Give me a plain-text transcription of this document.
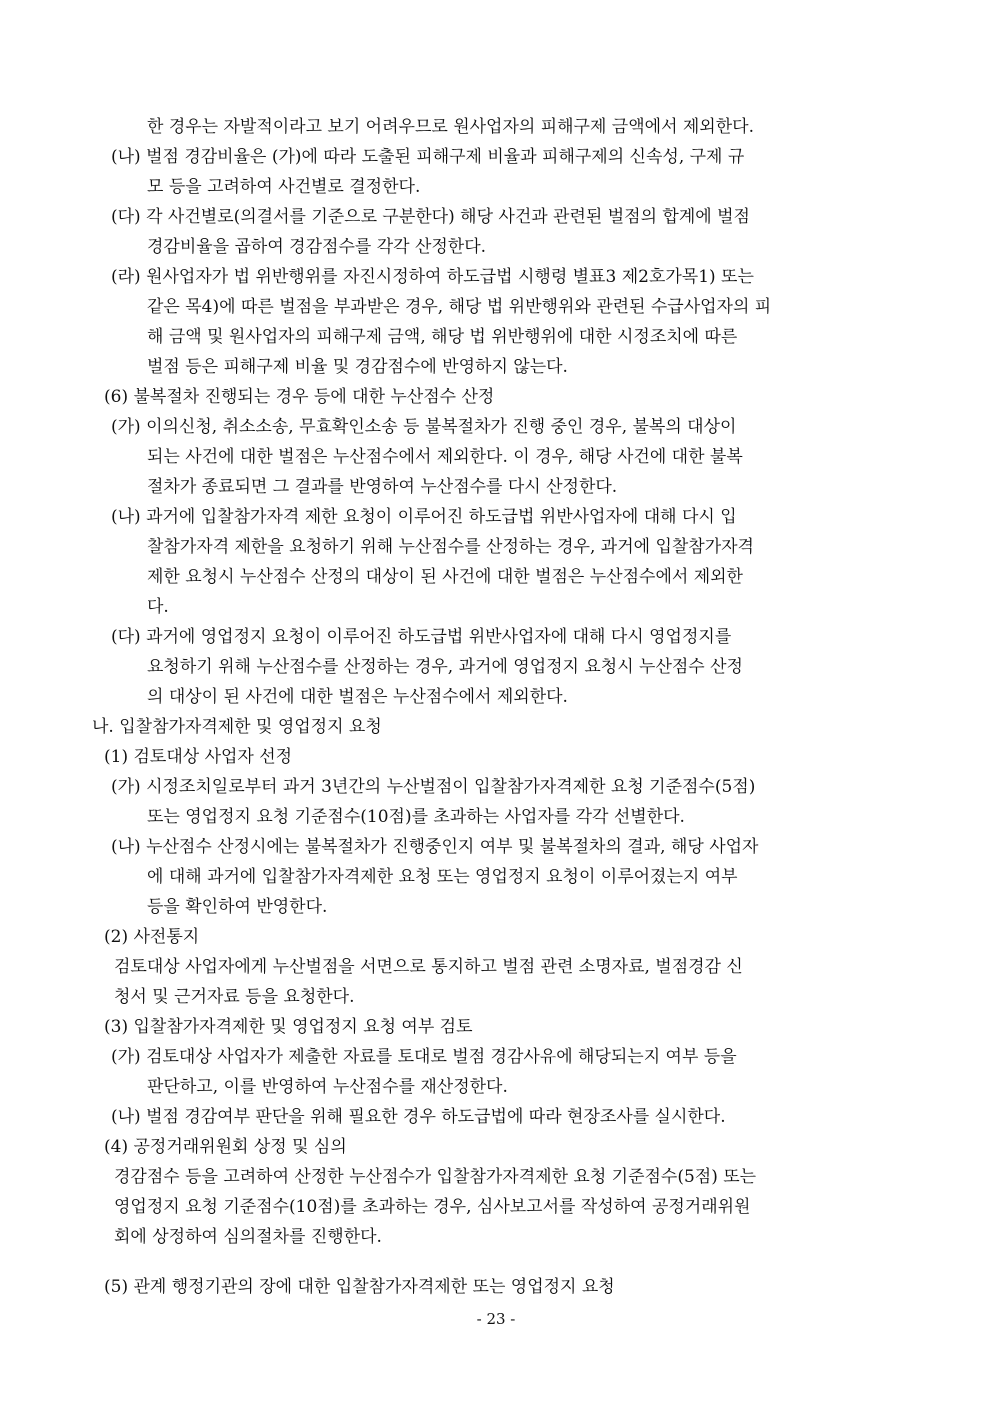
한 경우는 자발적이라고 보기 어려우므로 원사업자의 피해구제 금액에서 제외한다.
(나) 벌점 경감비율은 (가)에 따라 도출된 피해구제 비율과 피해구제의 신속성, 구제 규
모 등을 고려하여 사건별로 결정한다.
(다) 각 사건별로(의결서를 기준으로 구분한다) 해당 사건과 관련된 벌점의 합계에 벌점
경감비율을 곱하여 경감점수를 각각 산정한다.
(라) 원사업자가 법 위반행위를 자진시정하여 하도급법 시행령 별표3 제2호가목1) 또는
같은 목4)에 따른 벌점을 부과받은 경우, 해당 법 위반행위와 관련된 수급사업자의 피
해 금액 및 원사업자의 피해구제 금액, 해당 법 위반행위에 대한 시정조치에 따른
벌점 등은 피해구제 비율 및 경감점수에 반영하지 않는다.
(6) 불복절차 진행되는 경우 등에 대한 누산점수 산정
(가) 이의신청, 취소소송, 무효확인소송 등 불복절차가 진행 중인 경우, 불복의 대상이
되는 사건에 대한 벌점은 누산점수에서 제외한다. 이 경우, 해당 사건에 대한 불복
절차가 종료되면 그 결과를 반영하여 누산점수를 다시 산정한다.
(나) 과거에 입찰참가자격 제한 요청이 이루어진 하도급법 위반사업자에 대해 다시 입
찰참가자격 제한을 요청하기 위해 누산점수를 산정하는 경우, 과거에 입찰참가자격
제한 요청시 누산점수 산정의 대상이 된 사건에 대한 벌점은 누산점수에서 제외한
다.
(다) 과거에 영업정지 요청이 이루어진 하도급법 위반사업자에 대해 다시 영업정지를
요청하기 위해 누산점수를 산정하는 경우, 과거에 영업정지 요청시 누산점수 산정
의 대상이 된 사건에 대한 벌점은 누산점수에서 제외한다.
나. 입찰참가자격제한 및 영업정지 요청
(1) 검토대상 사업자 선정
(가) 시정조치일로부터 과거 3년간의 누산벌점이 입찰참가자격제한 요청 기준점수(5점)
또는 영업정지 요청 기준점수(10점)를 초과하는 사업자를 각각 선별한다.
(나) 누산점수 산정시에는 불복절차가 진행중인지 여부 및 불복절차의 결과, 해당 사업자
에 대해 과거에 입찰참가자격제한 요청 또는 영업정지 요청이 이루어졌는지 여부
등을 확인하여 반영한다.
(2) 사전통지
검토대상 사업자에게 누산벌점을 서면으로 통지하고 벌점 관련 소명자료, 벌점경감 신
청서 및 근거자료 등을 요청한다.
(3) 입찰참가자격제한 및 영업정지 요청 여부 검토
(가) 검토대상 사업자가 제출한 자료를 토대로 벌점 경감사유에 해당되는지 여부 등을
판단하고, 이를 반영하여 누산점수를 재산정한다.
(나) 벌점 경감여부 판단을 위해 필요한 경우 하도급법에 따라 현장조사를 실시한다.
(4) 공정거래위원회 상정 및 심의
경감점수 등을 고려하여 산정한 누산점수가 입찰참가자격제한 요청 기준점수(5점) 또는
영업정지 요청 기준점수(10점)를 초과하는 경우, 심사보고서를 작성하여 공정거래위원
회에 상정하여 심의절차를 진행한다.
(5) 관계 행정기관의 장에 대한 입찰참가자격제한 또는 영업정지 요청
- 23 -
